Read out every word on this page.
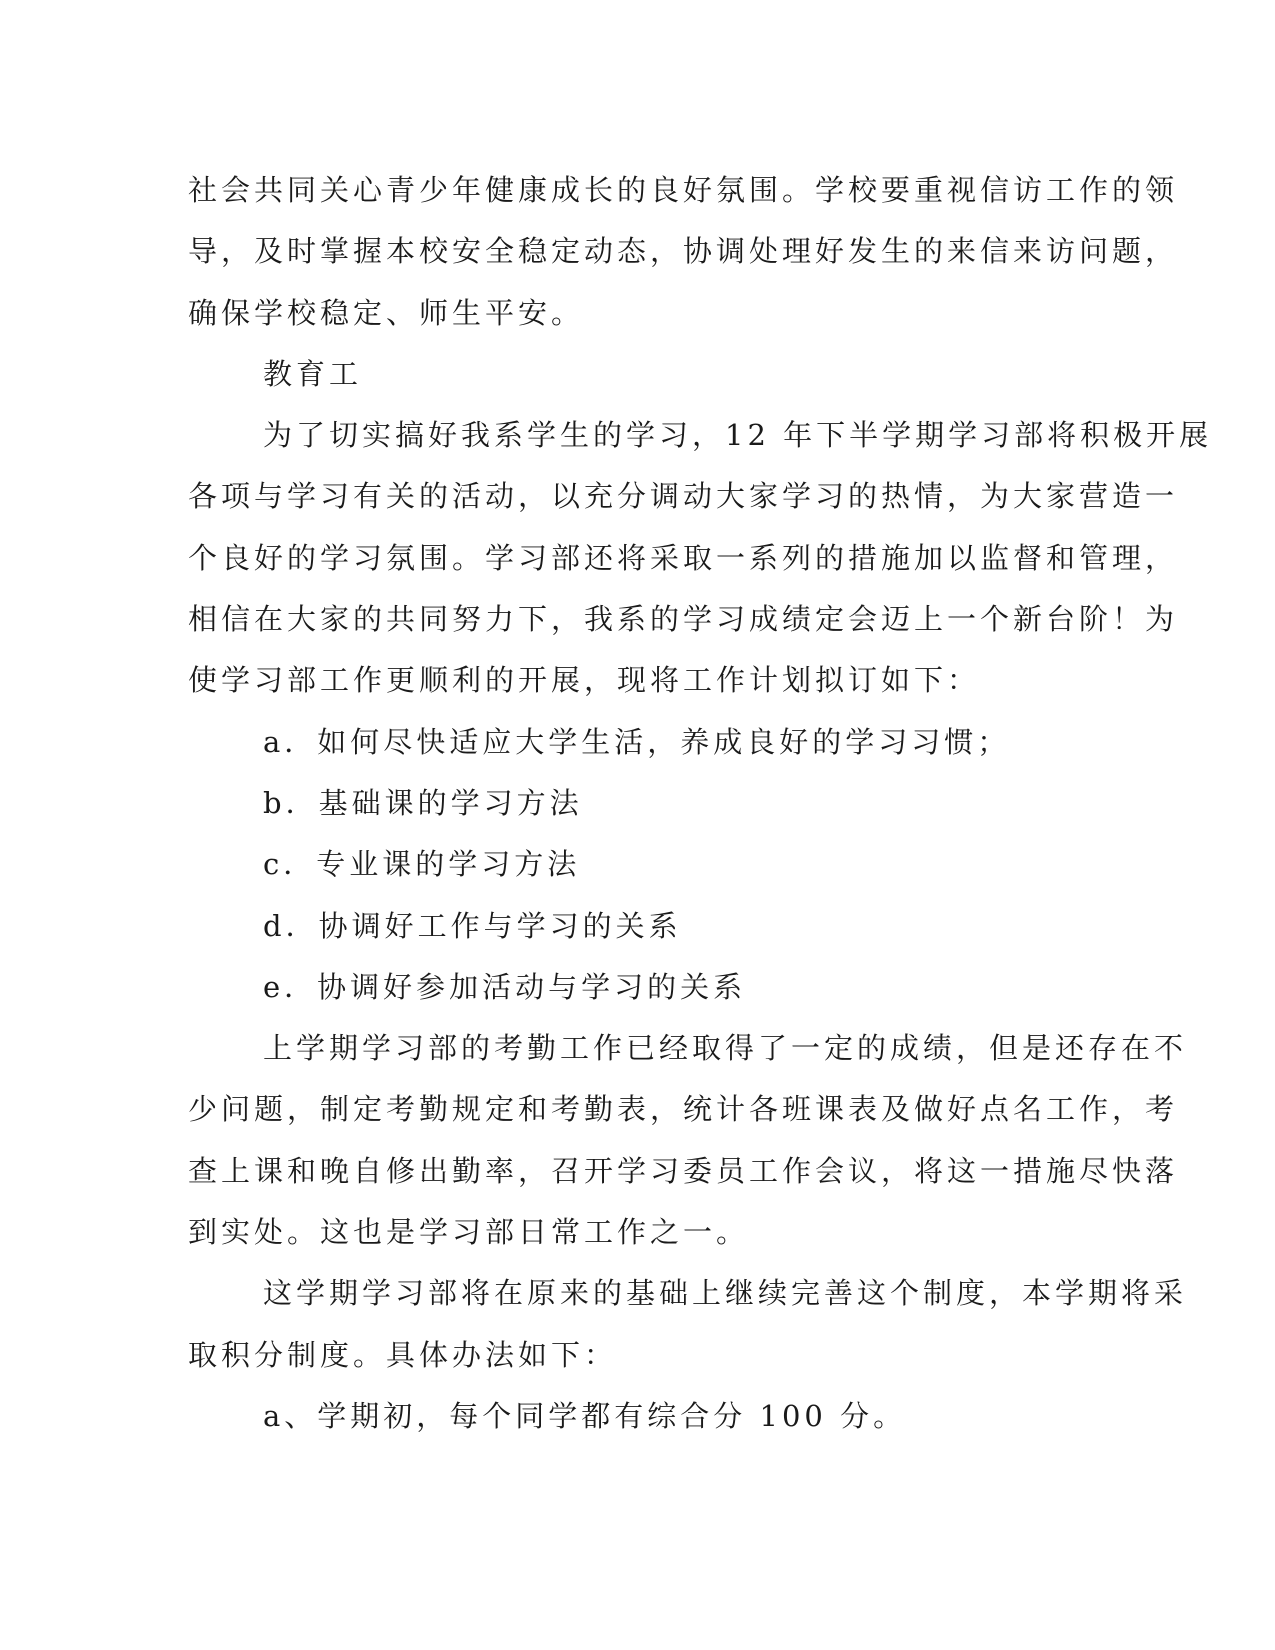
社会共同关心青少年健康成长的良好氛围。学校要重视信访工作的领
导，及时掌握本校安全稳定动态，协调处理好发生的来信来访问题，
确保学校稳定、师生平安。
教育工
为了切实搞好我系学生的学习，12 年下半学期学习部将积极开展
各项与学习有关的活动，以充分调动大家学习的热情，为大家营造一
个良好的学习氛围。学习部还将采取一系列的措施加以监督和管理，
相信在大家的共同努力下，我系的学习成绩定会迈上一个新台阶！为
使学习部工作更顺利的开展，现将工作计划拟订如下：
a．如何尽快适应大学生活，养成良好的学习习惯；
b．基础课的学习方法
c．专业课的学习方法
d．协调好工作与学习的关系
e．协调好参加活动与学习的关系
上学期学习部的考勤工作已经取得了一定的成绩，但是还存在不
少问题，制定考勤规定和考勤表，统计各班课表及做好点名工作，考
查上课和晚自修出勤率，召开学习委员工作会议，将这一措施尽快落
到实处。这也是学习部日常工作之一。
这学期学习部将在原来的基础上继续完善这个制度，本学期将采
取积分制度。具体办法如下：
a、学期初，每个同学都有综合分 100 分。
